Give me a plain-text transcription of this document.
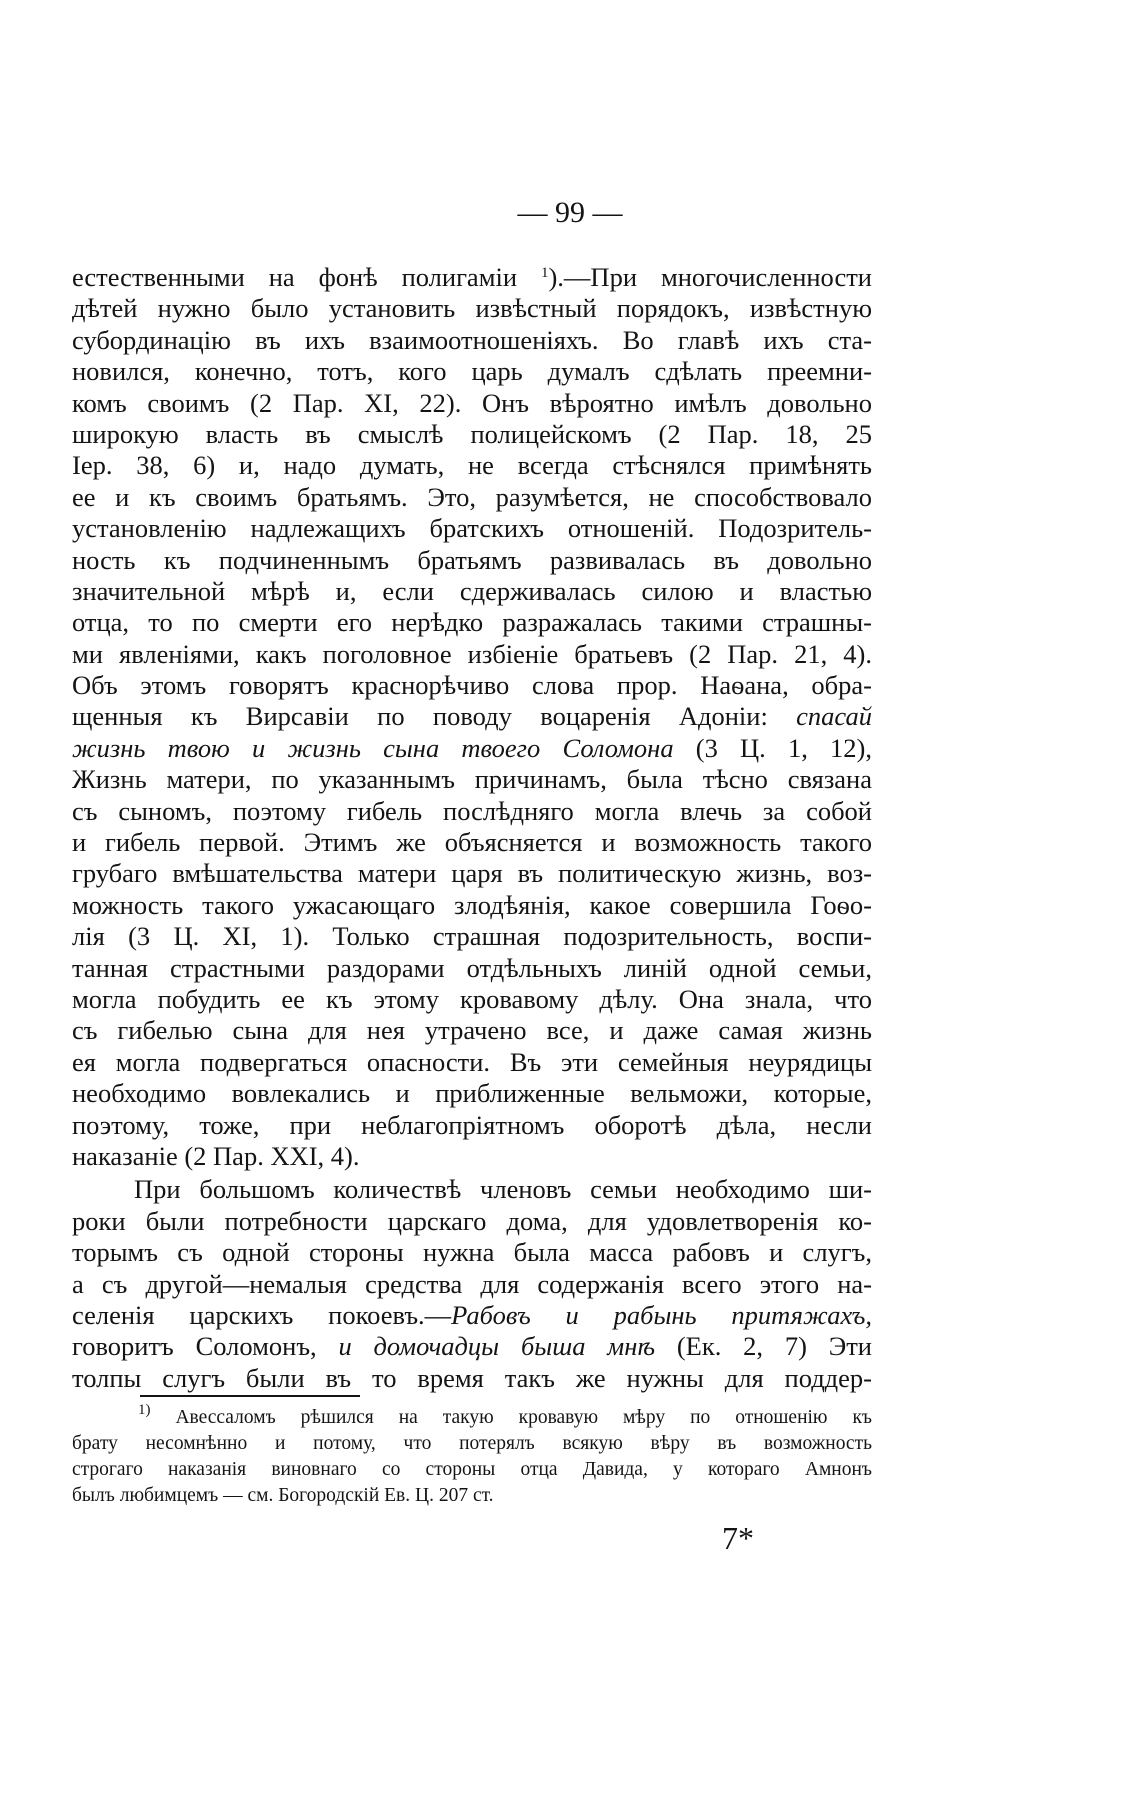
— 99 —
естественными на фонѣ полигаміи $^1$).—При многочисленности
дѣтей нужно было установить извѣстный порядокъ, извѣстную
субординацію въ ихъ взаимоотношеніяхъ. Во главѣ ихъ ста-
новился, конечно, тотъ, кого царь думалъ сдѣлать преемни-
комъ своимъ (2 Пар. XI, 22). Онъ вѣроятно имѣлъ довольно
широкую власть въ смыслѣ полицейскомъ (2 Пар. 18, 25
Іер. 38, 6) и, надо думать, не всегда стѣснялся примѣнять
ее и къ своимъ братьямъ. Это, разумѣется, не способствовало
установленію надлежащихъ братскихъ отношеній. Подозритель-
ность къ подчиненнымъ братьямъ развивалась въ довольно
значительной мѣрѣ и, если сдерживалась силою и властью
отца, то по смерти его нерѣдко разражалась такими страшны-
ми явленіями, какъ поголовное избіеніе братьевъ (2 Пар. 21, 4).
Объ этомъ говорятъ краснорѣчиво слова прор. Наѳана, обра-
щенныя къ Вирсавіи по поводу воцаренія Адоніи: спасай
жизнь твою и жизнь сына твоего Соломона (3 Ц. 1, 12),
Жизнь матери, по указаннымъ причинамъ, была тѣсно связана
съ сыномъ, поэтому гибель послѣдняго могла влечь за собой
и гибель первой. Этимъ же объясняется и возможность такого
грубаго вмѣшательства матери царя въ политическую жизнь, воз-
можность такого ужасающаго злодѣянія, какое совершила Гоѳо-
лія (3 Ц. XI, 1). Только страшная подозрительность, воспи-
танная страстными раздорами отдѣльныхъ линій одной семьи,
могла побудить ее къ этому кровавому дѣлу. Она знала, что
съ гибелью сына для нея утрачено все, и даже самая жизнь
ея могла подвергаться опасности. Въ эти семейныя неурядицы
необходимо вовлекались и приближенные вельможи, которые,
поэтому, тоже, при неблагопріятномъ оборотѣ дѣла, несли
наказаніе (2 Пар. XXI, 4).
При большомъ количествѣ членовъ семьи необходимо ши-
роки были потребности царскаго дома, для удовлетворенія ко-
торымъ съ одной стороны нужна была масса рабовъ и слугъ,
а съ другой—немалыя средства для содержанія всего этого на-
селенія царскихъ покоевъ.—Рабовъ и рабынь притяжахъ,
говоритъ Соломонъ, и домочадцы быша мнѣ (Ек. 2, 7) Эти
толпы слугъ были въ то время такъ же нужны для поддер-
$^{1)}$ Авессаломъ рѣшился на такую кровавую мѣру по отношенію къ
брату несомнѣнно и потому, что потерялъ всякую вѣру въ возможность
строгаго наказанія виновнаго со стороны отца Давида, у котораго Амнонъ
былъ любимцемъ — см. Богородскій Ев. Ц. 207 ст.
7*
